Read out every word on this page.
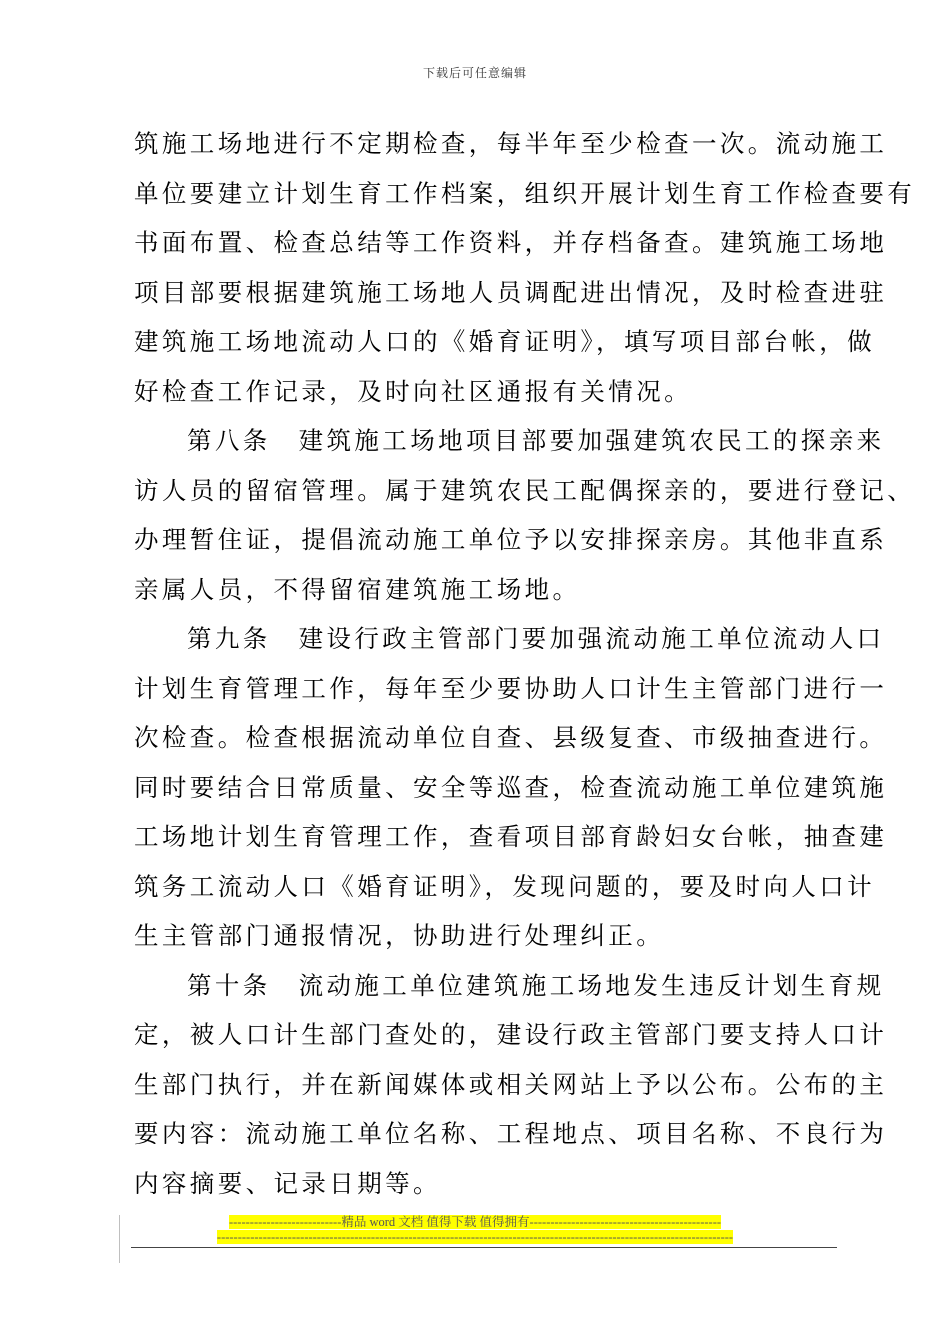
下载后可任意编辑
筑施工场地进行不定期检查，每半年至少检查一次。流动施工
单位要建立计划生育工作档案，组织开展计划生育工作检查要有
书面布置、检查总结等工作资料，并存档备查。建筑施工场地
项目部要根据建筑施工场地人员调配进出情况，及时检查进驻
建筑施工场地流动人口的《婚育证明》，填写项目部台帐，做
好检查工作记录，及时向社区通报有关情况。
第八条　建筑施工场地项目部要加强建筑农民工的探亲来
访人员的留宿管理。属于建筑农民工配偶探亲的，要进行登记、
办理暂住证，提倡流动施工单位予以安排探亲房。其他非直系
亲属人员，不得留宿建筑施工场地。
第九条　建设行政主管部门要加强流动施工单位流动人口
计划生育管理工作，每年至少要协助人口计生主管部门进行一
次检查。检查根据流动单位自查、县级复查、市级抽查进行。
同时要结合日常质量、安全等巡查，检查流动施工单位建筑施
工场地计划生育管理工作，查看项目部育龄妇女台帐，抽查建
筑务工流动人口《婚育证明》，发现问题的，要及时向人口计
生主管部门通报情况，协助进行处理纠正。
第十条　流动施工单位建筑施工场地发生违反计划生育规
定，被人口计生部门查处的，建设行政主管部门要支持人口计
生部门执行，并在新闻媒体或相关网站上予以公布。公布的主
要内容：流动施工单位名称、工程地点、项目名称、不良行为
内容摘要、记录日期等。
---------------------------精品 word 文档 值得下载 值得拥有----------------------------------------------
----------------------------------------------------------------------------------------------------------------------------
